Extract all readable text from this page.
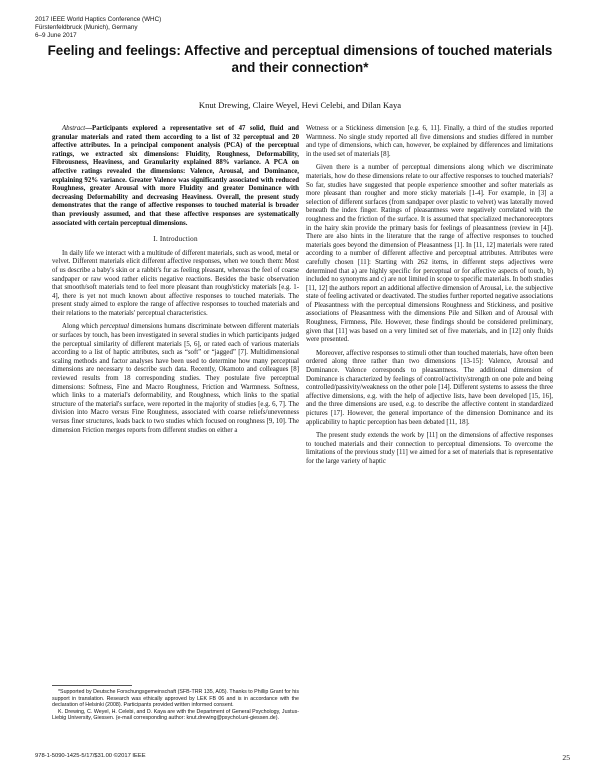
2017 IEEE World Haptics Conference (WHC)
Fürstenfeldbruck (Munich), Germany
6–9 June 2017
Feeling and feelings: Affective and perceptual dimensions of touched materials and their connection*
Knut Drewing, Claire Weyel, Hevi Celebi, and Dilan Kaya

Abstract—Participants explored a representative set of 47 solid, fluid and granular materials and rated them according to a list of 32 perceptual and 20 affective attributes. In a principal component analysis (PCA) of the perceptual ratings, we extracted six dimensions: Fluidity, Roughness, Deformability, Fibrousness, Heaviness, and Granularity explained 88% variance. A PCA on affective ratings revealed the dimensions: Valence, Arousal, and Dominance, explaining 92% variance. Greater Valence was significantly associated with reduced Roughness, greater Arousal with more Fluidity and greater Dominance with decreasing Deformability and decreasing Heaviness. Overall, the present study demonstrates that the range of affective responses to touched material is broader than previously assumed, and that these affective responses are systematically associated with certain perceptual dimensions.

I. Introduction

In daily life we interact with a multitude of different materials, such as wood, metal or velvet. Different materials elicit different affective responses, when we touch them: Most of us describe a baby's skin or a rabbit's fur as feeling pleasant, whereas the feel of coarse sandpaper or raw wood rather elicits negative reactions. Besides the basic observation that smooth/soft materials tend to feel more pleasant than rough/sticky materials [e.g. 1-4], there is yet not much known about affective responses to touched materials. The present study aimed to explore the range of affective responses to touched materials and their relations to the materials' perceptual characteristics.

Along which perceptual dimensions humans discriminate between different materials or surfaces by touch, has been investigated in several studies in which participants judged the perceptual similarity of different materials [5, 6], or rated each of various materials according to a list of haptic attributes, such as “soft” or “jagged” [7]. Multidimensional scaling methods and factor analyses have been used to determine how many perceptual dimensions are necessary to describe such data. Recently, Okamoto and colleagues [8] reviewed results from 18 corresponding studies. They postulate five perceptual dimensions: Softness, Fine and Macro Roughness, Friction and Warmness. Softness, which links to a material's deformability, and Roughness, which links to the spatial structure of the material's surface, were reported in the majority of studies [e.g. 6, 7]. The division into Macro versus Fine Roughness, associated with coarse reliefs/unevenness versus finer structures, leads back to two studies which focused on roughness [9, 10]. The dimension Friction merges reports from different studies on either a

Wetness or a Stickiness dimension [e.g. 6, 11]. Finally, a third of the studies reported Warmness. No single study reported all five dimensions and studies differed in number and type of dimensions, which can, however, be explained by differences and limitations in the used set of materials [8].

Given there is a number of perceptual dimensions along which we discriminate materials, how do these dimensions relate to our affective responses to touched materials? So far, studies have suggested that people experience smoother and softer materials as more pleasant than rougher and more sticky materials [1-4]. For example, in [3] a selection of different surfaces (from sandpaper over plastic to velvet) was laterally moved beneath the index finger. Ratings of pleasantness were negatively correlated with the roughness and the friction of the surface. It is assumed that specialized mechanoreceptors in the hairy skin provide the primary basis for feelings of pleasantness (review in [4]). There are also hints in the literature that the range of affective responses to touched materials goes beyond the dimension of Pleasantness [1]. In [11, 12] materials were rated according to a number of different affective and perceptual attributes. Attributes were carefully chosen [11]: Starting with 262 items, in different steps adjectives were determined that a) are highly specific for perceptual or for affective aspects of touch, b) included no synonyms and c) are not limited in scope to specific materials. In both studies [11, 12] the authors report an additional affective dimension of Arousal, i.e. the subjective state of feeling activated or deactivated. The studies further reported negative associations of Pleasantness with the perceptual dimensions Roughness and Stickiness, and positive associations of Pleasantness with the dimensions Pile and Silken and of Arousal with Roughness, Firmness, Pile. However, these findings should be considered preliminary, given that [11] was based on a very limited set of five materials, and in [12] only fluids were presented.

Moreover, affective responses to stimuli other than touched materials, have often been ordered along three rather than two dimensions [13-15]: Valence, Arousal and Dominance. Valence corresponds to pleasantness. The additional dimension of Dominance is characterized by feelings of control/activity/strength on one pole and being controlled/passivity/weakness on the other pole [14]. Different systems to assess the three affective dimensions, e.g. with the help of adjective lists, have been developed [15, 16], and the three dimensions are used, e.g. to describe the affective content in standardized pictures [17]. However, the general importance of the dimension Dominance and its applicability to haptic perception has been debated [11, 18].

The present study extends the work by [11] on the dimensions of affective responses to touched materials and their connection to perceptual dimensions. To overcome the limitations of the previous study [11] we aimed for a set of materials that is representative for the large variety of haptic

*Supported by Deutsche Forschungsgemeinschaft (SFB-TRR 135, A05). Thanks to Phillip Grant for his support in translation. Research was ethically approved by LEK FB 06 and is in accordance with the declaration of Helsinki (2008). Participants provided written informed consent.

K. Drewing, C. Weyel, H. Celebi, and D. Kaya are with the Department of General Psychology, Justus-Liebig University, Giessen. (e-mail corresponding author: knut.drewing@psychol.uni-giessen.de).

978-1-5090-1425-5/17/$31.00 ©2017 IEEE	25
